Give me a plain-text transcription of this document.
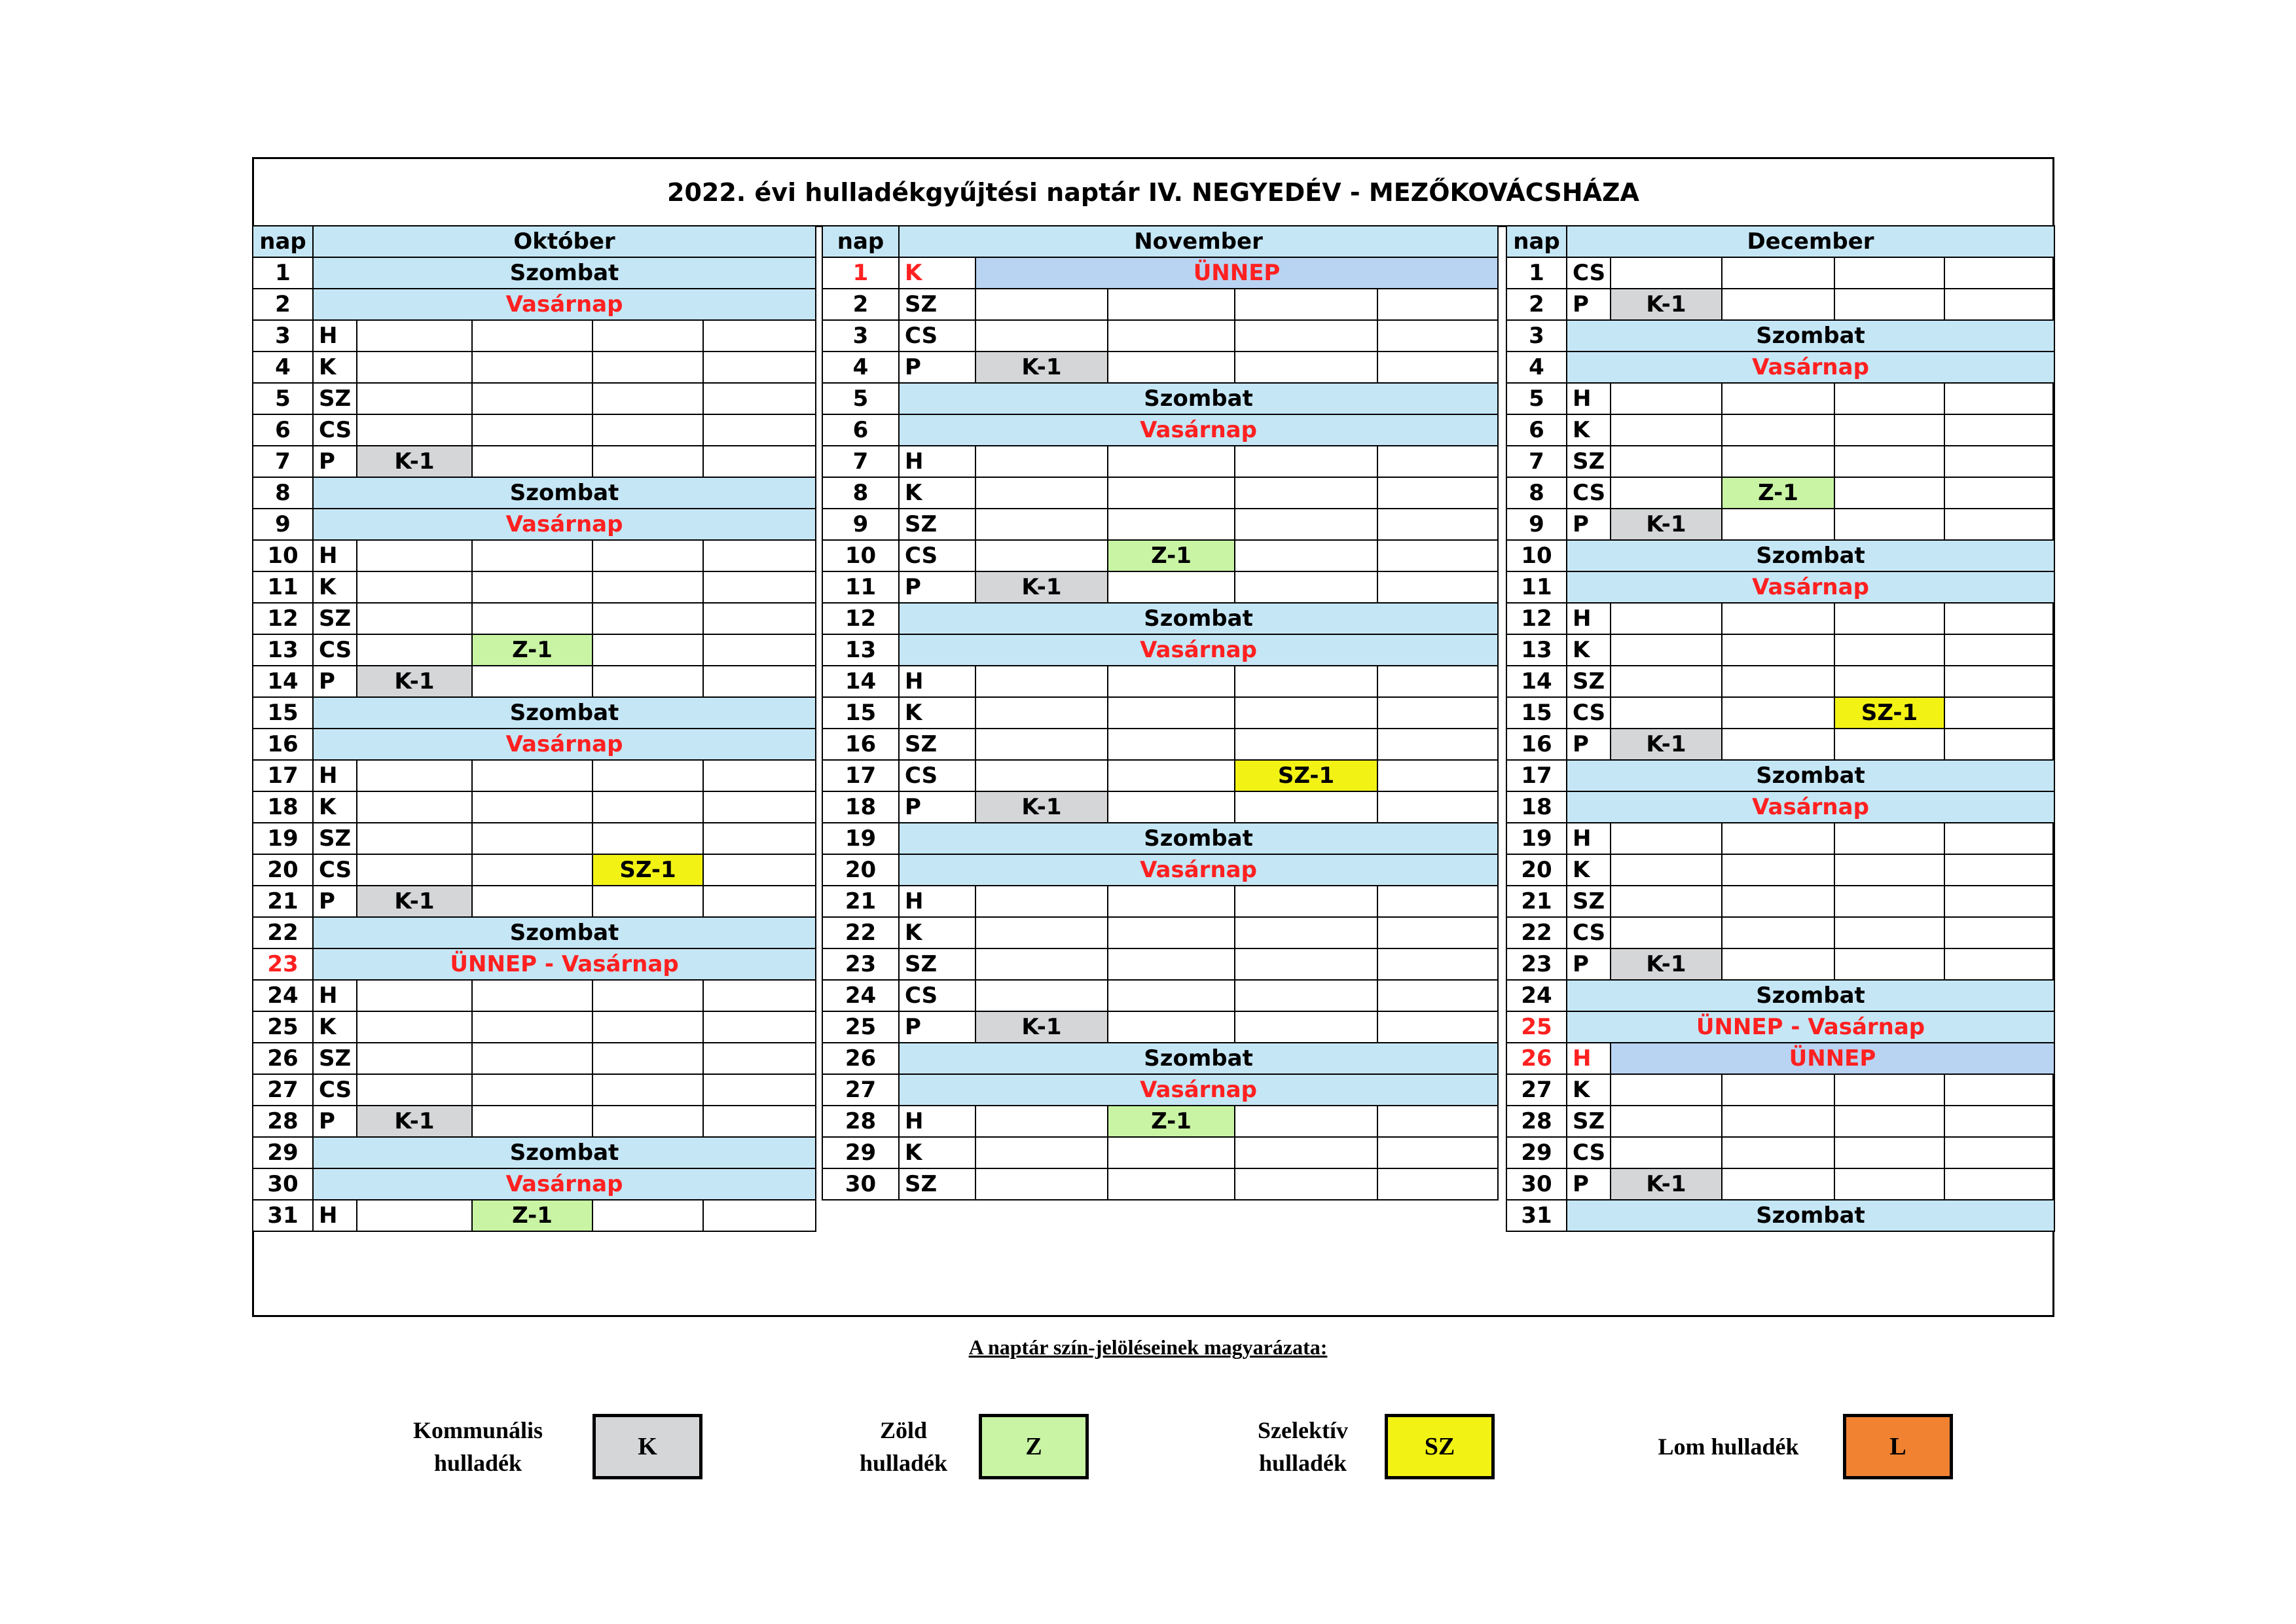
2022. évi hulladékgyűjtési naptár IV. NEGYEDÉV - MEZŐKOVÁCSHÁZA
nap	Október				
1	Szombat				
2	Vasárnap				
3	H				
4	K				
5	SZ				
6	CS				
7	P	K-1			
8	Szombat				
9	Vasárnap				
10	H				
11	K				
12	SZ				
13	CS		Z-1		
14	P	K-1			
15	Szombat				
16	Vasárnap				
17	H				
18	K				
19	SZ				
20	CS			SZ-1	
21	P	K-1			
22	Szombat				
23	ÜNNEP - Vasárnap				
24	H				
25	K				
26	SZ				
27	CS				
28	P	K-1			
29	Szombat				
30	Vasárnap				
31	H		Z-1		
nap	November				
1	K	ÜNNEP			
2	SZ				
3	CS				
4	P	K-1			
5	Szombat				
6	Vasárnap				
7	H				
8	K				
9	SZ				
10	CS		Z-1		
11	P	K-1			
12	Szombat				
13	Vasárnap				
14	H				
15	K				
16	SZ				
17	CS			SZ-1	
18	P	K-1			
19	Szombat				
20	Vasárnap				
21	H				
22	K				
23	SZ				
24	CS				
25	P	K-1			
26	Szombat				
27	Vasárnap				
28	H		Z-1		
29	K				
30	SZ				
nap	December				
1	CS				
2	P	K-1			
3	Szombat				
4	Vasárnap				
5	H				
6	K				
7	SZ				
8	CS		Z-1		
9	P	K-1			
10	Szombat				
11	Vasárnap				
12	H				
13	K				
14	SZ				
15	CS			SZ-1	
16	P	K-1			
17	Szombat				
18	Vasárnap				
19	H				
20	K				
21	SZ				
22	CS				
23	P	K-1			
24	Szombat				
25	ÜNNEP - Vasárnap				
26	H	ÜNNEP			
27	K				
28	SZ				
29	CS				
30	P	K-1			
31	Szombat				
A naptár szín-jelöléseinek magyarázata:
Kommunális
hulladék
K
Zöld
hulladék
Z
Szelektív
hulladék
SZ	Lom hulladék	L
